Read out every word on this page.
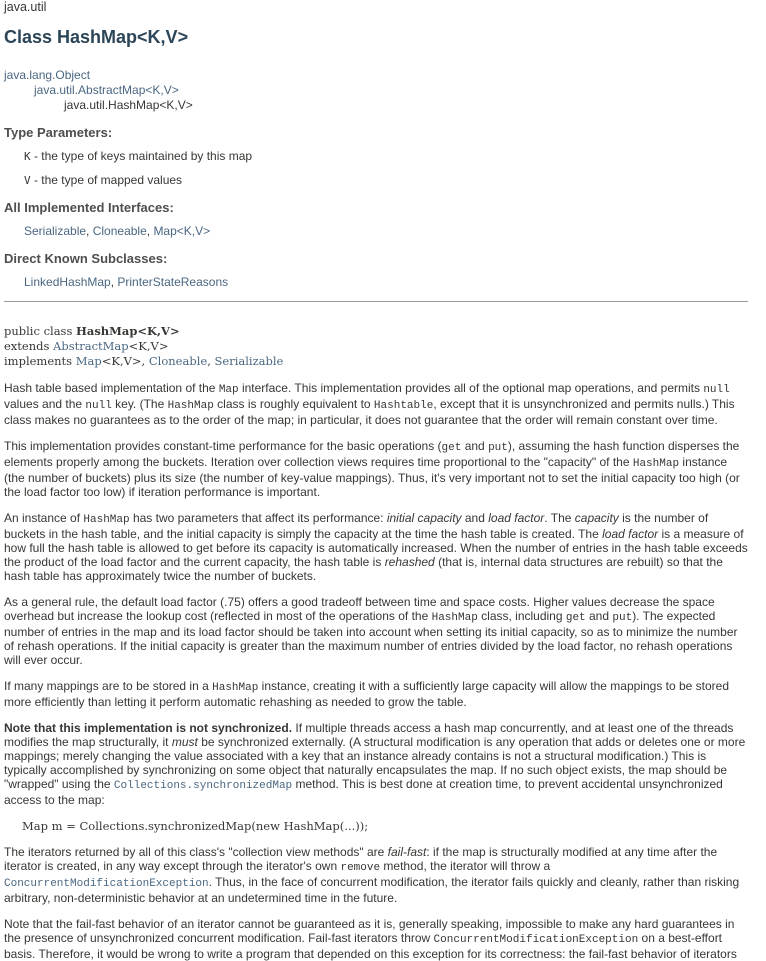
java.util
Class HashMap<K,V>
java.lang.Object
java.util.AbstractMap<K,V>
java.util.HashMap<K,V>
Type Parameters:
K - the type of keys maintained by this map
V - the type of mapped values
All Implemented Interfaces:
Serializable, Cloneable, Map<K,V>
Direct Known Subclasses:
LinkedHashMap, PrinterStateReasons
public class HashMap<K,V>
extends AbstractMap<K,V>
implements Map<K,V>, Cloneable, Serializable

Hash table based implementation of the Map interface. This implementation provides all of the optional map operations, and permits null values and the null key. (The HashMap class is roughly equivalent to Hashtable, except that it is unsynchronized and permits nulls.) This class makes no guarantees as to the order of the map; in particular, it does not guarantee that the order will remain constant over time.

This implementation provides constant-time performance for the basic operations (get and put), assuming the hash function disperses the elements properly among the buckets. Iteration over collection views requires time proportional to the "capacity" of the HashMap instance (the number of buckets) plus its size (the number of key-value mappings). Thus, it's very important not to set the initial capacity too high (or the load factor too low) if iteration performance is important.

An instance of HashMap has two parameters that affect its performance: initial capacity and load factor. The capacity is the number of buckets in the hash table, and the initial capacity is simply the capacity at the time the hash table is created. The load factor is a measure of how full the hash table is allowed to get before its capacity is automatically increased. When the number of entries in the hash table exceeds the product of the load factor and the current capacity, the hash table is rehashed (that is, internal data structures are rebuilt) so that the hash table has approximately twice the number of buckets.

As a general rule, the default load factor (.75) offers a good tradeoff between time and space costs. Higher values decrease the space overhead but increase the lookup cost (reflected in most of the operations of the HashMap class, including get and put). The expected number of entries in the map and its load factor should be taken into account when setting its initial capacity, so as to minimize the number of rehash operations. If the initial capacity is greater than the maximum number of entries divided by the load factor, no rehash operations will ever occur.

If many mappings are to be stored in a HashMap instance, creating it with a sufficiently large capacity will allow the mappings to be stored more efficiently than letting it perform automatic rehashing as needed to grow the table.

Note that this implementation is not synchronized. If multiple threads access a hash map concurrently, and at least one of the threads modifies the map structurally, it must be synchronized externally. (A structural modification is any operation that adds or deletes one or more mappings; merely changing the value associated with a key that an instance already contains is not a structural modification.) This is typically accomplished by synchronizing on some object that naturally encapsulates the map. If no such object exists, the map should be "wrapped" using the Collections.synchronizedMap method. This is best done at creation time, to prevent accidental unsynchronized access to the map:

Map m = Collections.synchronizedMap(new HashMap(...));

The iterators returned by all of this class's "collection view methods" are fail-fast: if the map is structurally modified at any time after the iterator is created, in any way except through the iterator's own remove method, the iterator will throw a ConcurrentModificationException. Thus, in the face of concurrent modification, the iterator fails quickly and cleanly, rather than risking arbitrary, non-deterministic behavior at an undetermined time in the future.

Note that the fail-fast behavior of an iterator cannot be guaranteed as it is, generally speaking, impossible to make any hard guarantees in the presence of unsynchronized concurrent modification. Fail-fast iterators throw ConcurrentModificationException on a best-effort basis. Therefore, it would be wrong to write a program that depended on this exception for its correctness: the fail-fast behavior of iterators
